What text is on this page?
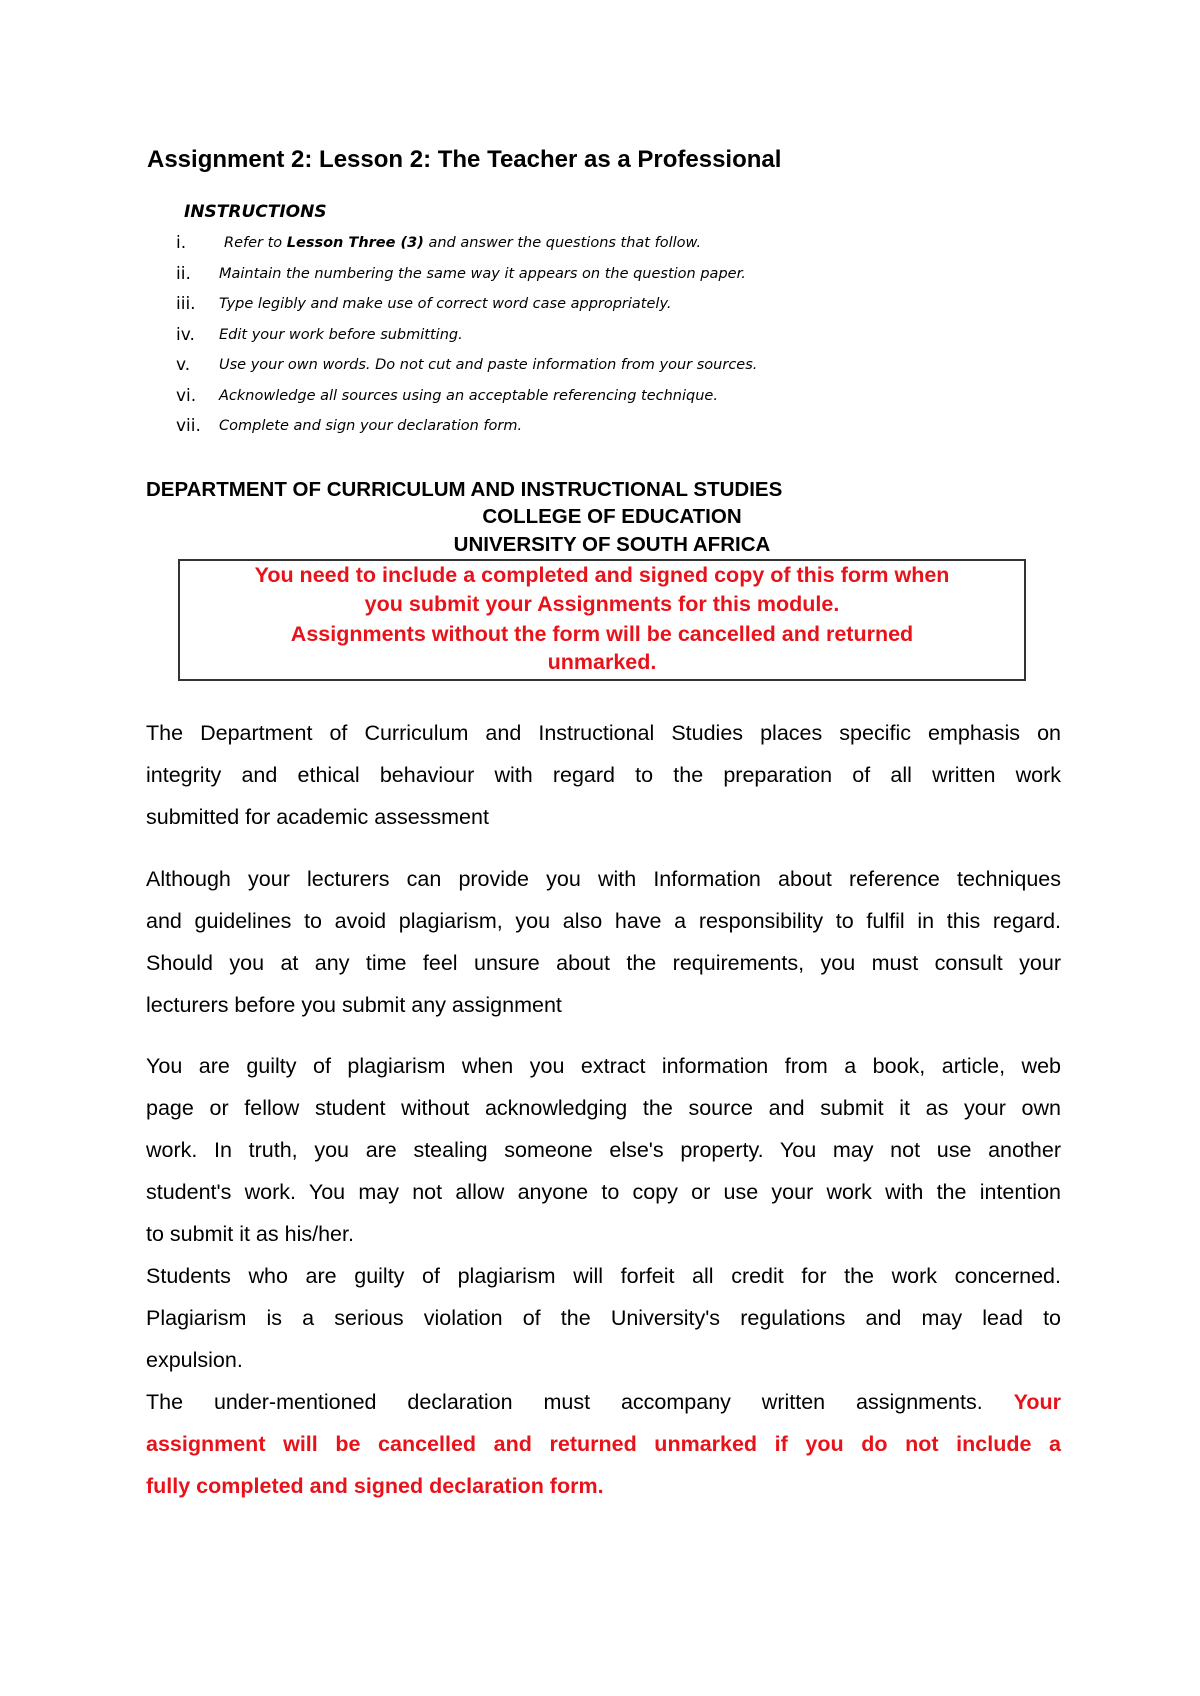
Assignment 2: Lesson 2: The Teacher as a Professional
INSTRUCTIONS
i.	Refer to Lesson Three (3) and answer the questions that follow.
ii. Maintain the numbering the same way it appears on the question paper.
iii. Type legibly and make use of correct word case appropriately.
iv. Edit your work before submitting.
v. Use your own words. Do not cut and paste information from your sources.
vi. Acknowledge all sources using an acceptable referencing technique.
vii. Complete and sign your declaration form.
DEPARTMENT OF CURRICULUM AND INSTRUCTIONAL STUDIES
COLLEGE OF EDUCATION
UNIVERSITY OF SOUTH AFRICA
You need to include a completed and signed copy of this form when
you submit your Assignments for this module.
Assignments without the form will be cancelled and returned
unmarked.
The Department of Curriculum and Instructional Studies places specific emphasis on
integrity and ethical behaviour with regard to the preparation of all written work
submitted for academic assessment
Although your lecturers can provide you with Information about reference techniques
and guidelines to avoid plagiarism, you also have a responsibility to fulfil in this regard.
Should you at any time feel unsure about the requirements, you must consult your
lecturers before you submit any assignment
You are guilty of plagiarism when you extract information from a book, article, web
page or fellow student without acknowledging the source and submit it as your own
work. In truth, you are stealing someone else's property. You may not use another
student's work. You may not allow anyone to copy or use your work with the intention
to submit it as his/her.
Students who are guilty of plagiarism will forfeit all credit for the work concerned.
Plagiarism is a serious violation of the University's regulations and may lead to
expulsion.
The under-mentioned declaration must accompany written assignments. Your
assignment will be cancelled and returned unmarked if you do not include a
fully completed and signed declaration form.
